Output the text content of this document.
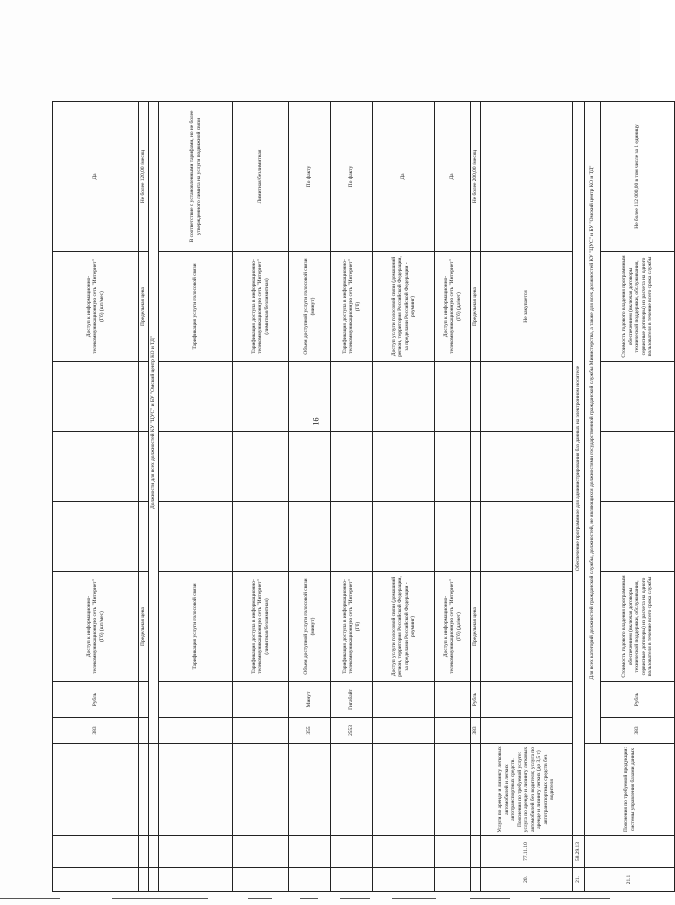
16
			383	Рубль	Доступ к информационно-телекоммуникационную сеть "Интернет" (Гб) (шт/мес)				Доступ к информационно-телекоммуникационную сеть "Интернет" (Гб) (шт/мес)	Да
					Предельная цена				Предельная цена	Не более 120,00 /месяц
			Должности для всех должностей КУ "ЦУС" и БУ "Омский центр КО и ТД"							
					Тарификация услуги голосовой связи				Тарификация услуги голосовой связи	В соответствие с установленными тарифами, но не более утвержденного лимита на услуги подвижной связи
					Тарификация доступа в информационно-телекоммуникационную сеть "Интернет" (лимитная/безлимитная)				Тарификация доступа в информационно-телекоммуникационную сеть "Интернет" (лимитная/безлимитная)	Лимитная/безлимитная
			355	Минут	Объем доступной услуги голосовой связи (минут)				Объем доступной услуги голосовой связи (минут)	По факту
			2553	Гигабайт	Тарификация доступа в информационно-телекоммуникационную сеть "Интернет" (Гб)				Тарификация доступа в информационно-телекоммуникационную сеть "Интернет" (Гб)	По факту
					Доступ услуги голосовой связи (домашний регион, территория Российской Федерации, за пределами Российской Федерации - роуминг)				Доступ услуги голосовой связи (домашний регион, территория Российской Федерации, за пределами Российской Федерации - роуминг)	Да
					Доступ к информационно-телекоммуникационную сеть "Интернет" (Гб) (да/нет)				Доступ к информационно-телекоммуникационную сеть "Интернет" (Гб) (да/нет)	Да
			383	Рубль	Предельная цена				Предельная цена	Не более 200,00 /месяц
20.	77.11.10	Услуги по аренде и лизингу легковых автомобилей и легких автотранспортных средств. Пояснения по требуемой услуге: услуга по аренде и лизингу легковых автомобилей без водителя; услуга по аренде и лизингу легких (до 3,5 т) автотранспортных средств без водителя							Не закупается	
21.	58.29.13	Обеспечение программное для администрирования баз данных на электронном носителе								
21.1		Пояснения по требуемой продукции: системы управления базами данных	Для всех категорий должностей гражданской службы, должностей, не являющихся должностями государственной гражданской службы Министерства, а также для всех должностей КУ "ЦУС" и БУ "Омский центр КО и ТД"							
			383	Рубль	Стоимость годового владения программным обеспечением (включая договоры технической поддержки, обслуживания, сервисные договоры) из расчета на одного пользователя в течение всего срока службы				Стоимость годового владения программным обеспечением (включая договоры технической поддержки, обслуживания, сервисные договоры) из расчета на одного пользователя в течение всего срока службы	Не более 112 000,00 в том числе за 1 единицу
